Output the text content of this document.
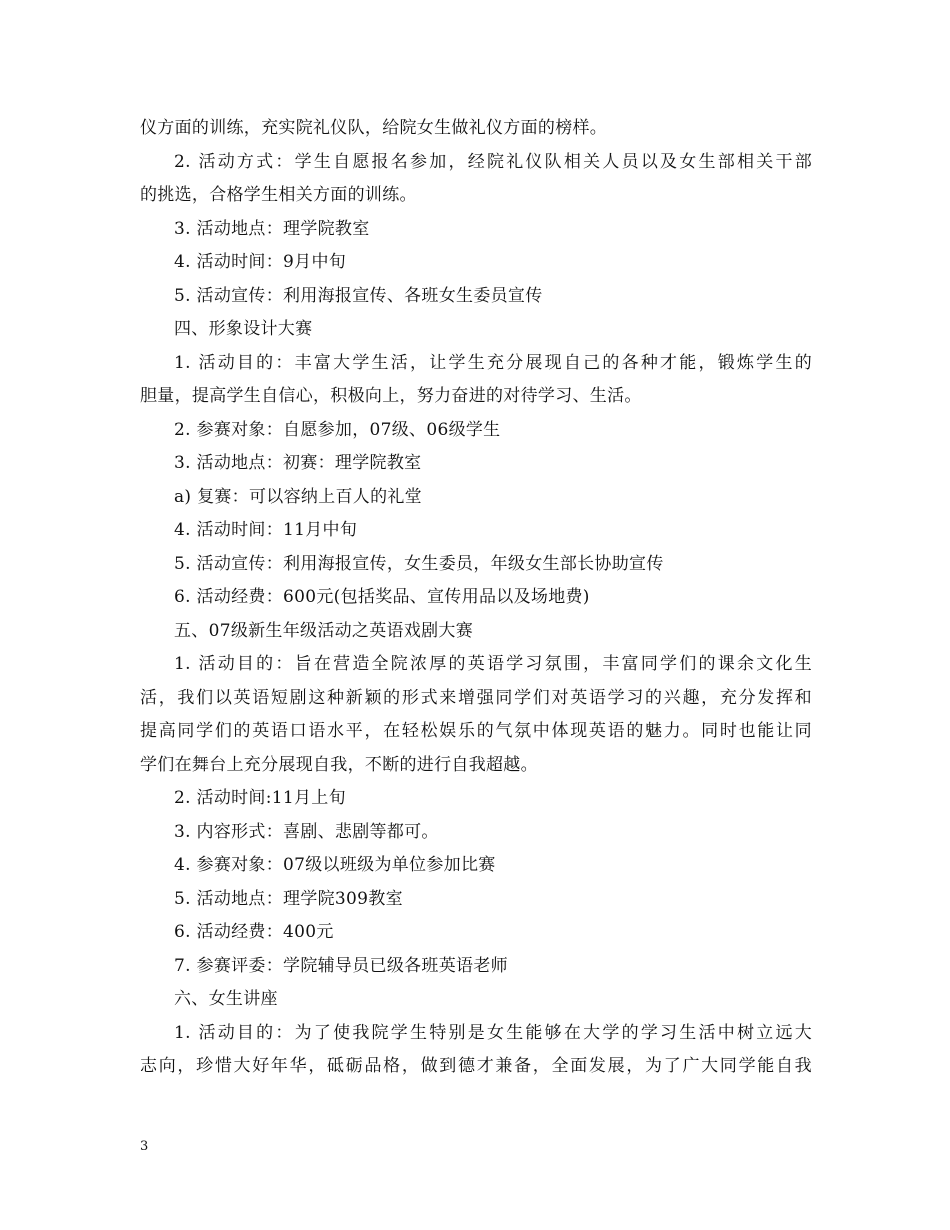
仪方面的训练，充实院礼仪队，给院女生做礼仪方面的榜样。
2. 活动方式：学生自愿报名参加，经院礼仪队相关人员以及女生部相关干部
的挑选，合格学生相关方面的训练。
3. 活动地点：理学院教室
4. 活动时间：9月中旬
5. 活动宣传：利用海报宣传、各班女生委员宣传
四、形象设计大赛
1. 活动目的：丰富大学生活，让学生充分展现自己的各种才能，锻炼学生的
胆量，提高学生自信心，积极向上，努力奋进的对待学习、生活。
2. 参赛对象：自愿参加，07级、06级学生
3. 活动地点：初赛：理学院教室
a) 复赛：可以容纳上百人的礼堂
4. 活动时间：11月中旬
5. 活动宣传：利用海报宣传，女生委员，年级女生部长协助宣传
6. 活动经费：600元(包括奖品、宣传用品以及场地费)
五、07级新生年级活动之英语戏剧大赛
1. 活动目的：旨在营造全院浓厚的英语学习氛围，丰富同学们的课余文化生
活，我们以英语短剧这种新颖的形式来增强同学们对英语学习的兴趣，充分发挥和
提高同学们的英语口语水平，在轻松娱乐的气氛中体现英语的魅力。同时也能让同
学们在舞台上充分展现自我，不断的进行自我超越。
2. 活动时间:11月上旬
3. 内容形式：喜剧、悲剧等都可。
4. 参赛对象：07级以班级为单位参加比赛
5. 活动地点：理学院309教室
6. 活动经费：400元
7. 参赛评委：学院辅导员已级各班英语老师
六、女生讲座
1. 活动目的：为了使我院学生特别是女生能够在大学的学习生活中树立远大
志向，珍惜大好年华，砥砺品格，做到德才兼备，全面发展，为了广大同学能自我
3
